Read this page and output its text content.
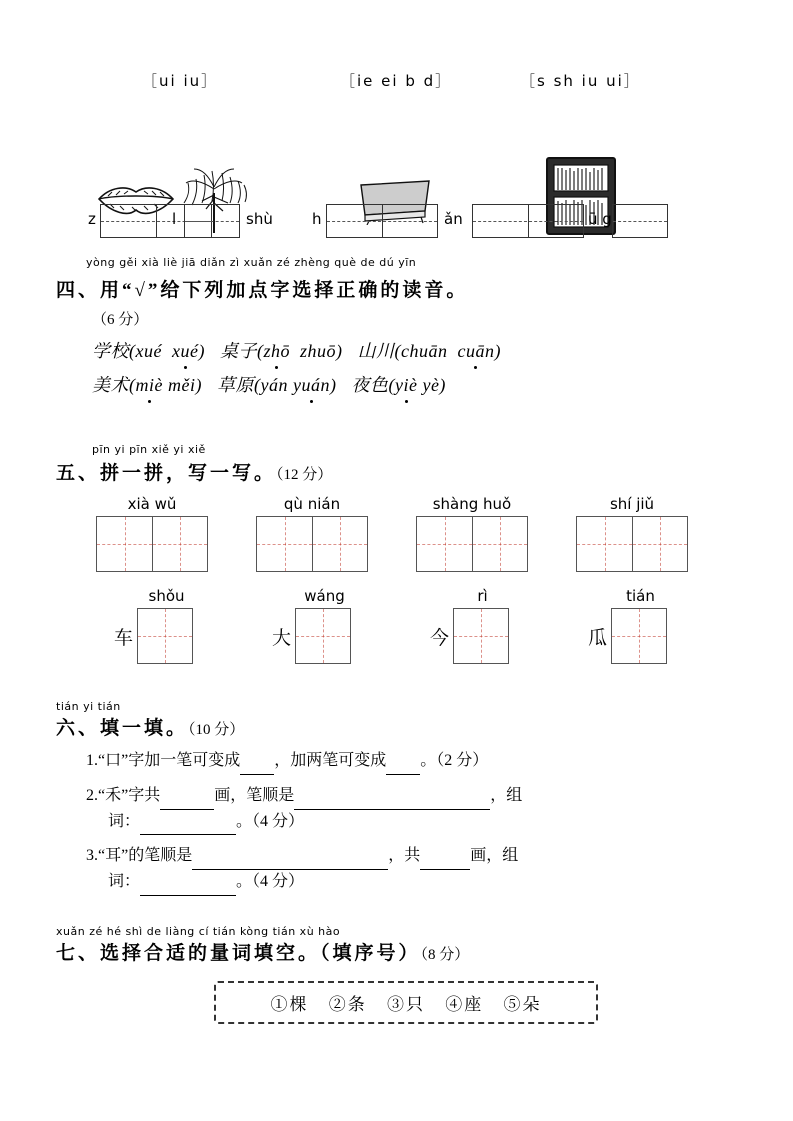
［ui iu］	［ie ei b d］	［s sh iu ui］
z	l	shù	h	ǎn	ū g
yòng gěi xià liè jiā diǎn zì xuǎn zé zhèng què de dú yīn
四、用“√”给下列加点字选择正确的读音。
（6 分）
学校(xué  xué)   桌子(zhō  zhuō)   山川(chuān  cuān)
美术(miè měi)   草原(yán yuán)   夜色(yiè yè)
pīn yi pīn xiě yi xiě
五、拼一拼，写一写。（12 分）
xià wǔ	qù nián	shàng huǒ	shí jiǔ
shǒu
车
wáng
大
rì
今
tián
瓜
tián yi tián
六、填一填。（10 分）
1.“口”字加一笔可变成 ，加两笔可变成 。（2 分）
2.“禾”字共	画，笔顺是	，组
词：	。（4 分）
3.“耳”的笔顺是	，共	画，组
词：	。（4 分）
xuǎn zé hé shì de liàng cí tián kòng tián xù hào
七、选择合适的量词填空。（填序号）（8 分）
①棵 ②条 ③只 ④座 ⑤朵
